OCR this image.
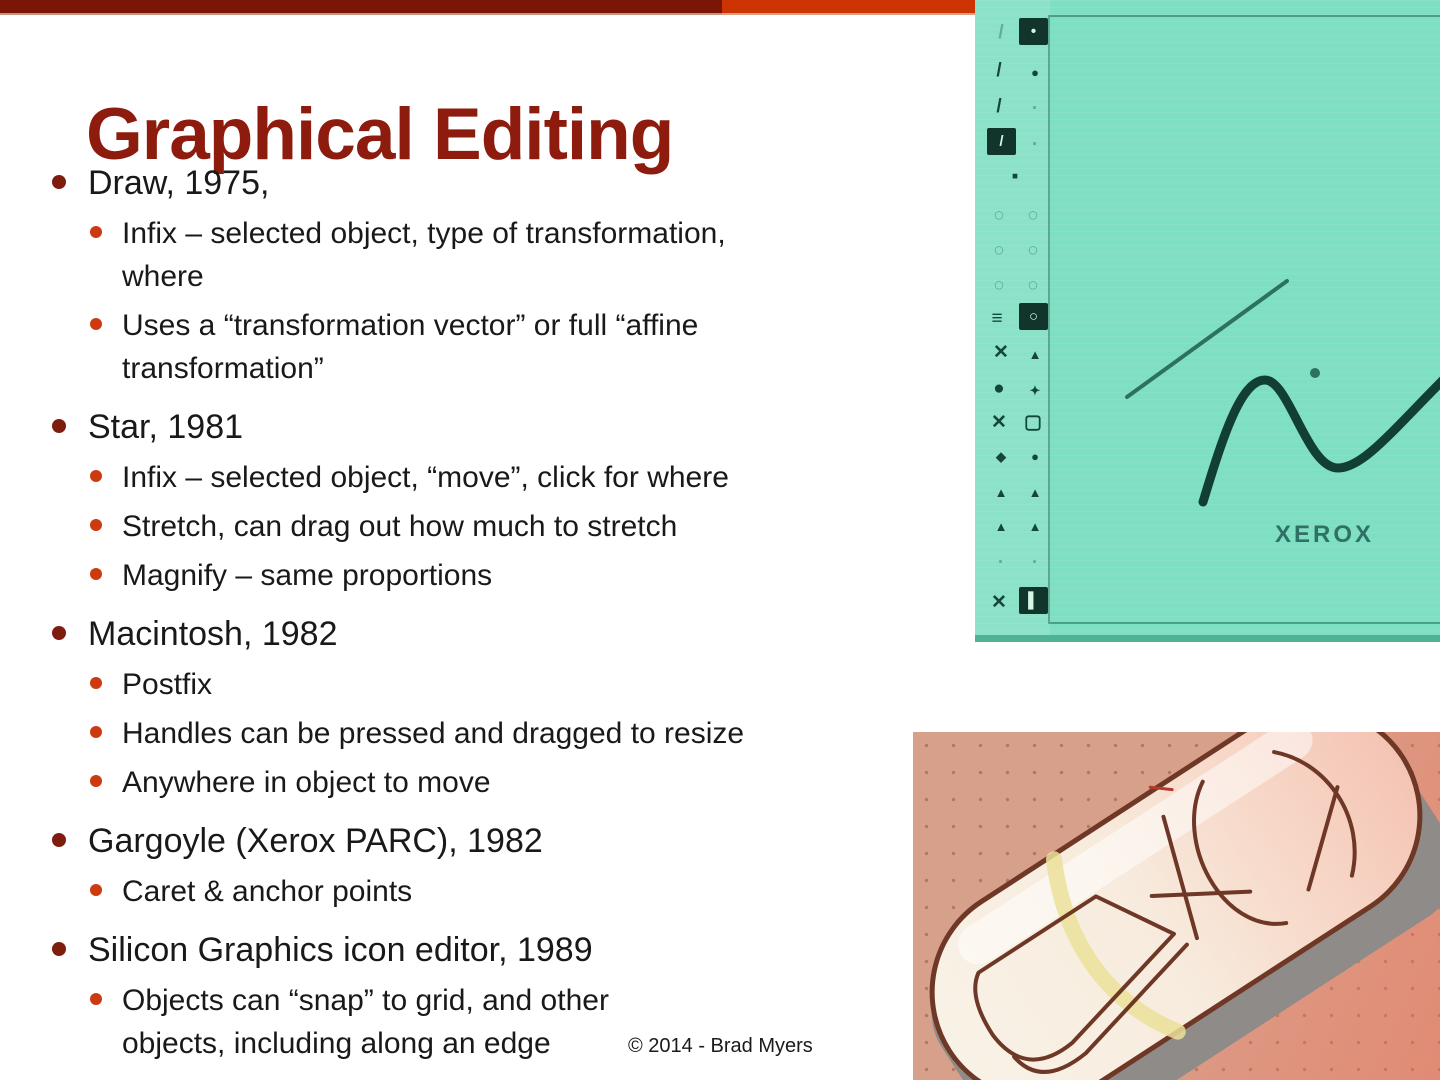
Graphical Editing
Draw, 1975,
Infix – selected object, type of transformation,
where
Uses a “transformation vector” or full “affine
transformation”
Star, 1981
Infix – selected object, “move”, click for where
Stretch, can drag out how much to stretch
Magnify – same proportions
Macintosh, 1982
Postfix
Handles can be pressed and dragged to resize
Anywhere in object to move
Gargoyle (Xerox PARC), 1982
Caret & anchor points
Silicon Graphics icon editor, 1989
Objects can “snap” to grid, and other
objects, including along an edge	© 2014 - Brad Myers
/	•
/	●
/	·
/	·
▪
○	○
○	○
○	○
≡	○
✕	▲
●	✦
✕ ▢
◆	●
▲	▲
▲	▲
·	·
✕	▌
XEROX
